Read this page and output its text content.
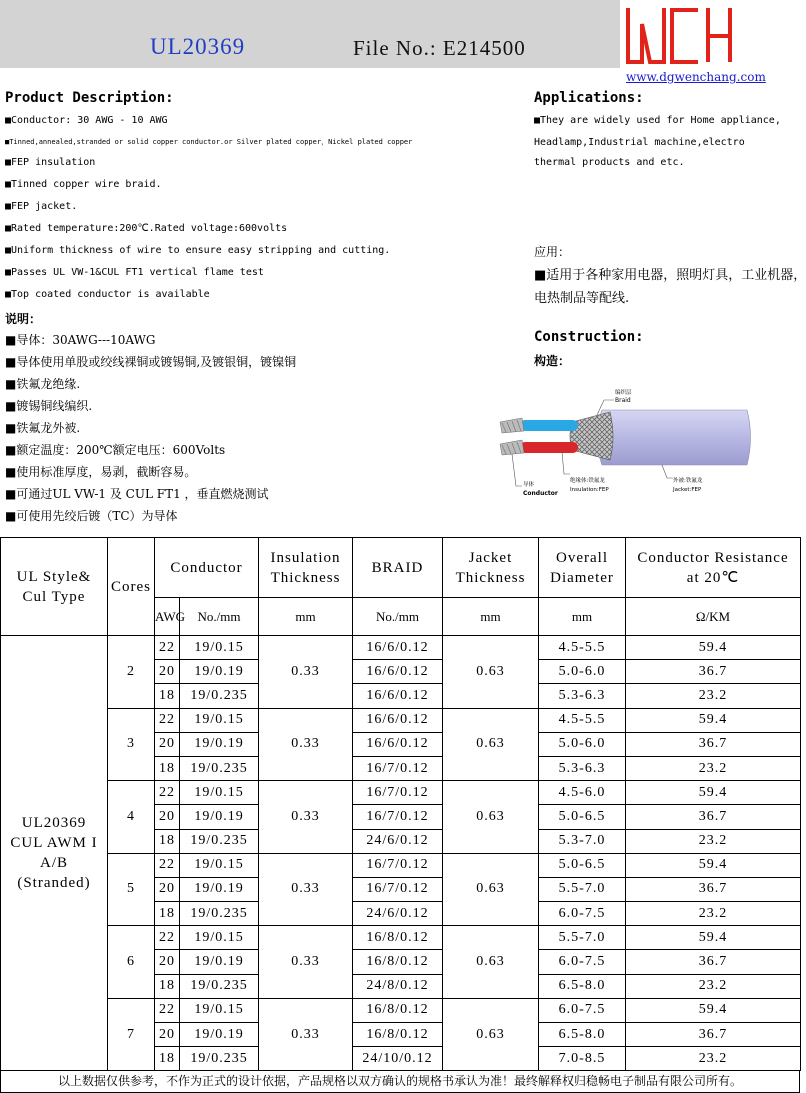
UL20369	File No.: E214500
www.dgwenchang.com
Product Description:
■Conductor: 30 AWG - 10 AWG
■Tinned,annealed,stranded or solid copper conductor.or Silver plated copper，Nickel plated copper
■FEP insulation
■Tinned copper wire braid.
■FEP jacket.
■Rated temperature:200℃.Rated voltage:600volts
■Uniform thickness of wire to ensure easy stripping and cutting.
■Passes UL VW-1&CUL FT1 vertical flame test
■Top coated conductor is available
说明：
■导体：30AWG---10AWG
■导体使用单股或绞线裸铜或镀锡铜,及镀银铜，镀镍铜
■铁氟龙绝缘.
■镀锡铜线编织.
■铁氟龙外被.
■额定温度：200℃额定电压：600Volts
■使用标准厚度，易剥，截断容易。
■可通过UL VW-1 及 CUL FT1 ，垂直燃烧测试
■可使用先绞后镀（TC）为导体
Applications:
■They are widely used for Home appliance,
Headlamp,Industrial machine,electro
thermal products and etc.
应用：
■适用于各种家用电器，照明灯具，工业机器，
电热制品等配线.
Construction:
构造：
编织层
Braid
导体
Conductor
绝缘体:铁氟龙
Insulation:FEP
外被:铁氟龙
Jacket:FEP
UL Style& Cul Type	Cores	Conductor		Insulation Thickness	BRAID	Jacket Thickness	Overall Diameter	Conductor Resistance at 20℃
		AWG	No./mm	mm	No./mm	mm	mm	Ω/KM

UL20369
CUL AWM I
A/B
(Stranded)	2	22	19/0.15	0.33	16/6/0.12	0.63	4.5-5.5	59.4
		20	19/0.19		16/6/0.12		5.0-6.0	36.7
		18	19/0.235		16/6/0.12		5.3-6.3	23.2
	3	22	19/0.15	0.33	16/6/0.12	0.63	4.5-5.5	59.4
		20	19/0.19		16/6/0.12		5.0-6.0	36.7
		18	19/0.235		16/7/0.12		5.3-6.3	23.2
	4	22	19/0.15	0.33	16/7/0.12	0.63	4.5-6.0	59.4
		20	19/0.19		16/7/0.12		5.0-6.5	36.7
		18	19/0.235		24/6/0.12		5.3-7.0	23.2
	5	22	19/0.15	0.33	16/7/0.12	0.63	5.0-6.5	59.4
		20	19/0.19		16/7/0.12		5.5-7.0	36.7
		18	19/0.235		24/6/0.12		6.0-7.5	23.2
	6	22	19/0.15	0.33	16/8/0.12	0.63	5.5-7.0	59.4
		20	19/0.19		16/8/0.12		6.0-7.5	36.7
		18	19/0.235		24/8/0.12		6.5-8.0	23.2
	7	22	19/0.15	0.33	16/8/0.12	0.63	6.0-7.5	59.4
		20	19/0.19		16/8/0.12		6.5-8.0	36.7
		18	19/0.235		24/10/0.12		7.0-8.5	23.2
以上数据仅供参考，不作为正式的设计依据，产品规格以双方确认的规格书承认为准！最终解释权归稳畅电子制品有限公司所有。
